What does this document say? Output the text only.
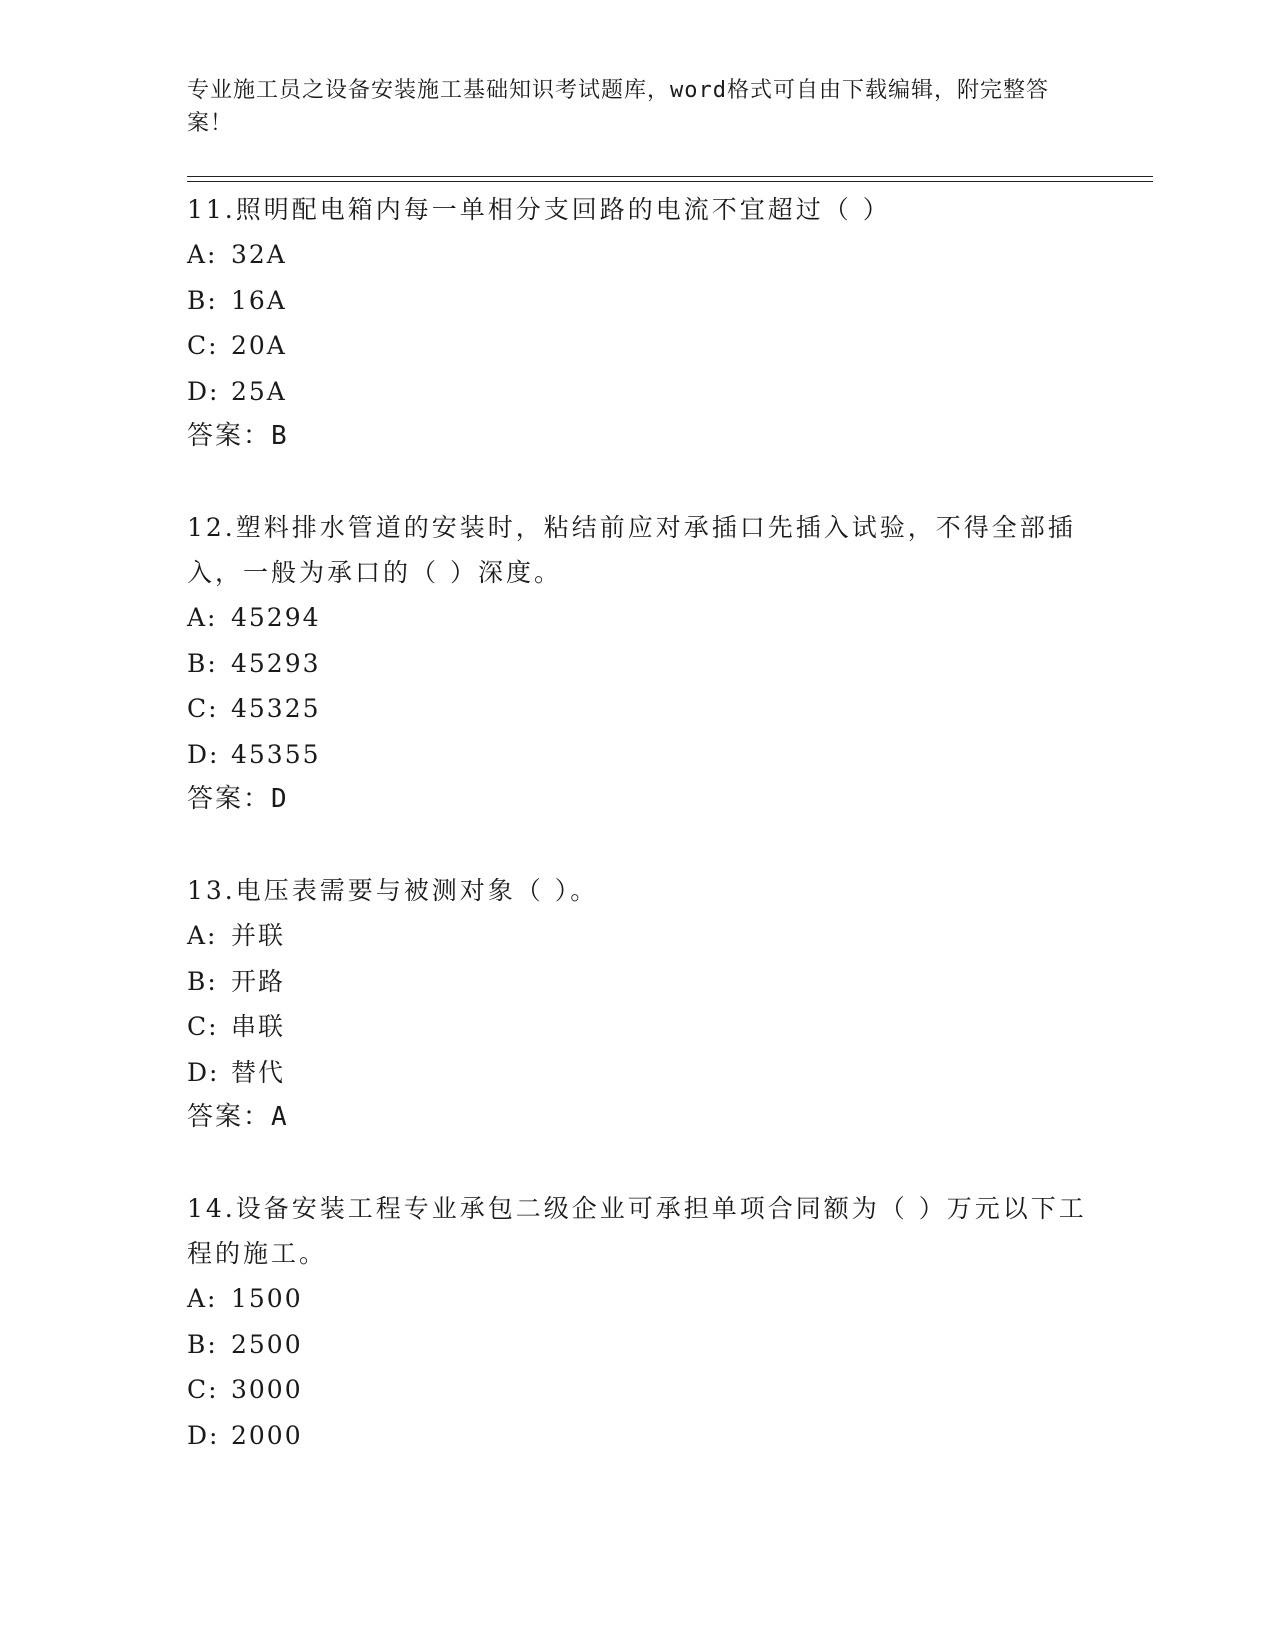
专业施工员之设备安装施工基础知识考试题库，word格式可自由下载编辑，附完整答案！
11.照明配电箱内每一单相分支回路的电流不宜超过（ ）
A: 32A
B: 16A
C: 20A
D: 25A
答案：B
12.塑料排水管道的安装时，粘结前应对承插口先插入试验，不得全部插入，一般为承口的（ ）深度。
A: 45294
B: 45293
C: 45325
D: 45355
答案：D
13.电压表需要与被测对象（ ）。
A: 并联
B: 开路
C: 串联
D: 替代
答案：A
14.设备安装工程专业承包二级企业可承担单项合同额为（ ）万元以下工程的施工。
A: 1500
B: 2500
C: 3000
D: 2000
